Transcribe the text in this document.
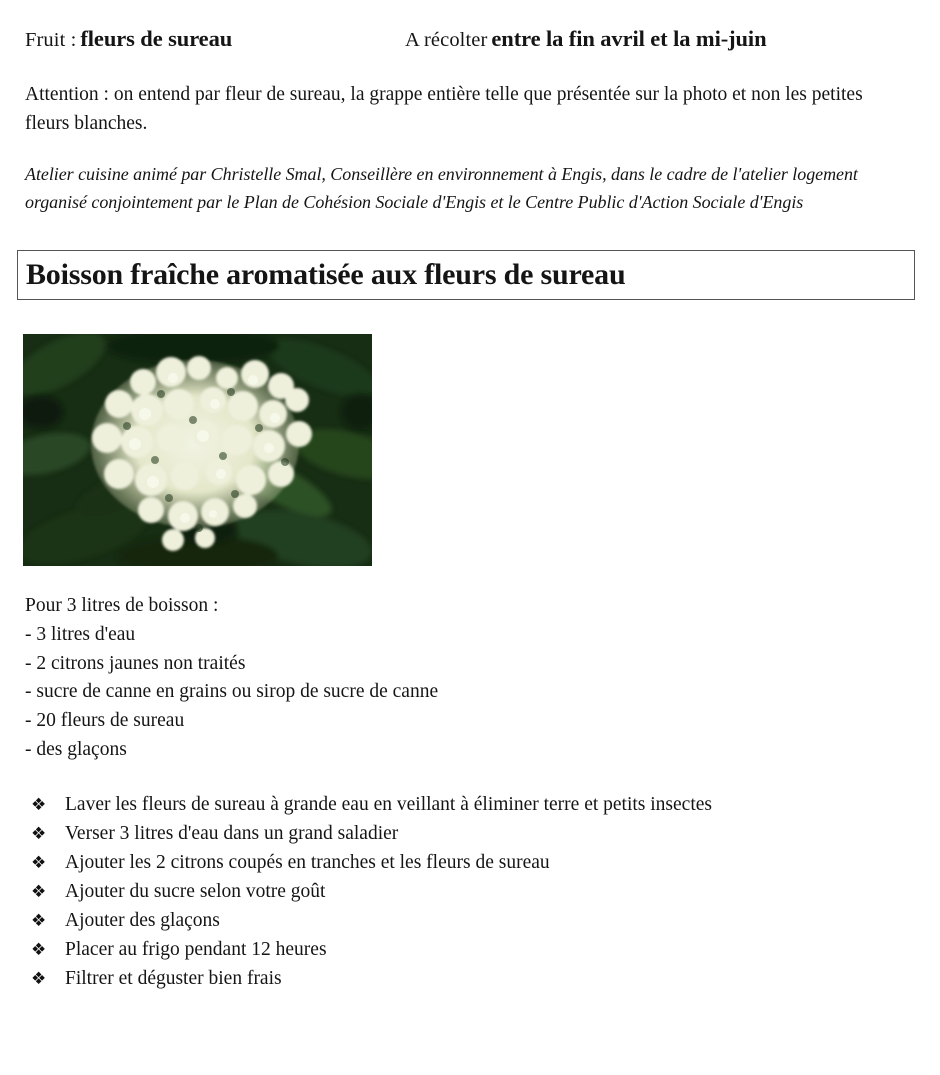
Fruit : fleurs de sureau	A récolter entre la fin avril et la mi-juin

Attention : on entend par fleur de sureau, la grappe entière telle que présentée sur la photo et non les petites fleurs blanches.

Atelier cuisine animé par Christelle Smal, Conseillère en environnement à Engis, dans le cadre de l'atelier logement organisé conjointement par le Plan de Cohésion Sociale d'Engis et le Centre Public d'Action Sociale d'Engis

Boisson fraîche aromatisée aux fleurs de sureau
Pour 3 litres de boisson :
- 3 litres d'eau
- 2 citrons jaunes non traités
- sucre de canne en grains ou sirop de sucre de canne
- 20 fleurs de sureau
- des glaçons
❖ Laver les fleurs de sureau à grande eau en veillant à éliminer terre et petits insectes
❖ Verser 3 litres d'eau dans un grand saladier
❖ Ajouter les 2 citrons coupés en tranches et les fleurs de sureau
❖ Ajouter du sucre selon votre goût
❖ Ajouter des glaçons
❖ Placer au frigo pendant 12 heures
❖ Filtrer et déguster bien frais
